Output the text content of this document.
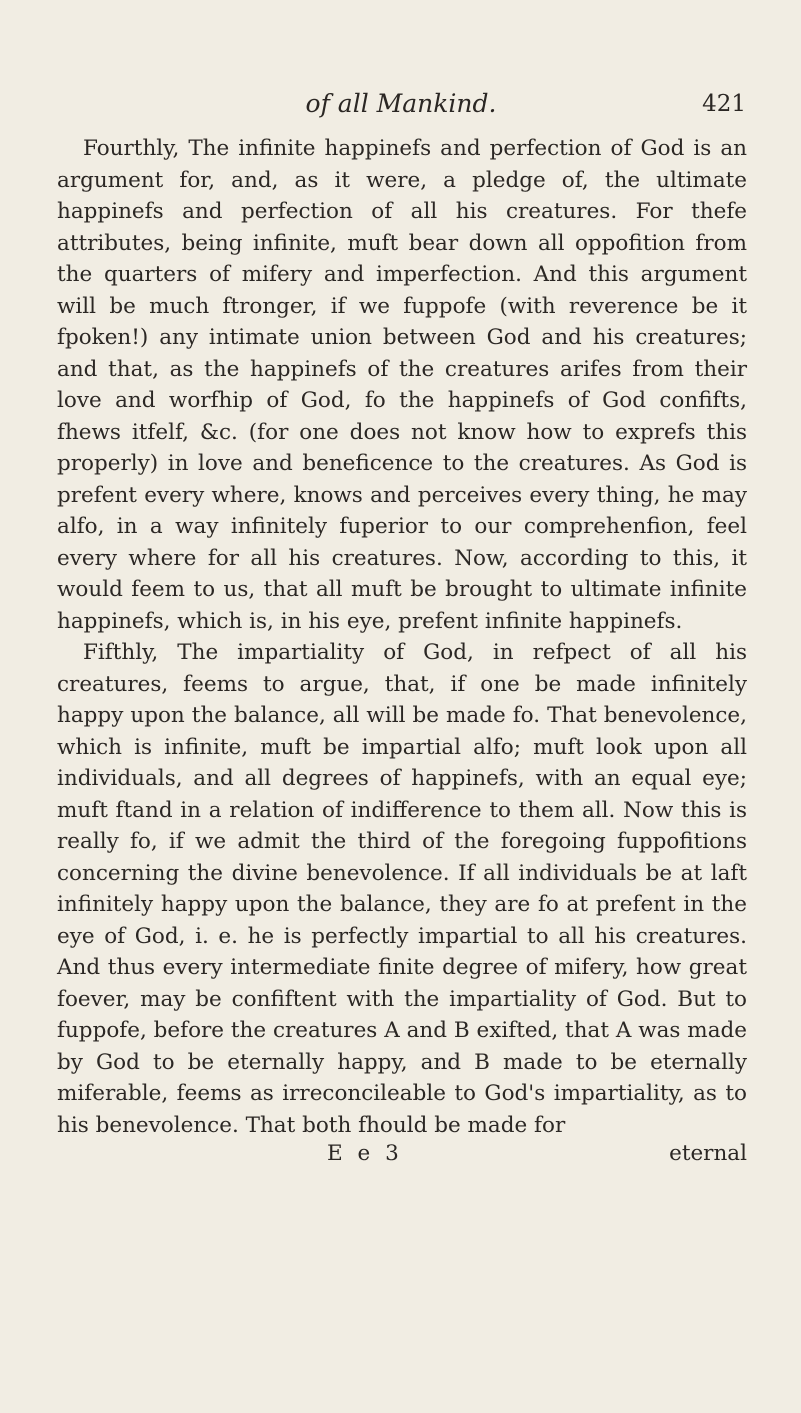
of all Mankind.	421

Fourthly, The infinite happinefs and perfection of God is an argument for, and, as it were, a pledge of, the ultimate happinefs and perfection of all his creatures. For thefe attributes, being infinite, muft bear down all oppofition from the quarters of mifery and imperfection. And this argument will be much ftronger, if we fuppofe (with reverence be it fpoken!) any intimate union between God and his creatures; and that, as the happinefs of the creatures arifes from their love and worfhip of God, fo the happinefs of God confifts, fhews itfelf, &c. (for one does not know how to exprefs this properly) in love and beneficence to the creatures. As God is prefent every where, knows and perceives every thing, he may alfo, in a way infinitely fuperior to our comprehenfion, feel every where for all his creatures. Now, according to this, it would feem to us, that all muft be brought to ultimate infinite happinefs, which is, in his eye, prefent infinite happinefs.

Fifthly, The impartiality of God, in refpect of all his creatures, feems to argue, that, if one be made infinitely happy upon the balance, all will be made fo. That benevolence, which is infinite, muft be impartial alfo; muft look upon all individuals, and all degrees of happinefs, with an equal eye; muft ftand in a relation of indifference to them all. Now this is really fo, if we admit the third of the foregoing fuppofitions concerning the divine benevolence. If all individuals be at laft infinitely happy upon the balance, they are fo at prefent in the eye of God, i. e. he is perfectly impartial to all his creatures. And thus every intermediate finite degree of mifery, how great foever, may be confiftent with the impartiality of God. But to fuppofe, before the creatures A and B exifted, that A was made by God to be eternally happy, and B made to be eternally miferable, feems as irreconcileable to God's impartiality, as to his benevolence. That both fhould be made for

E e 3	eternal
